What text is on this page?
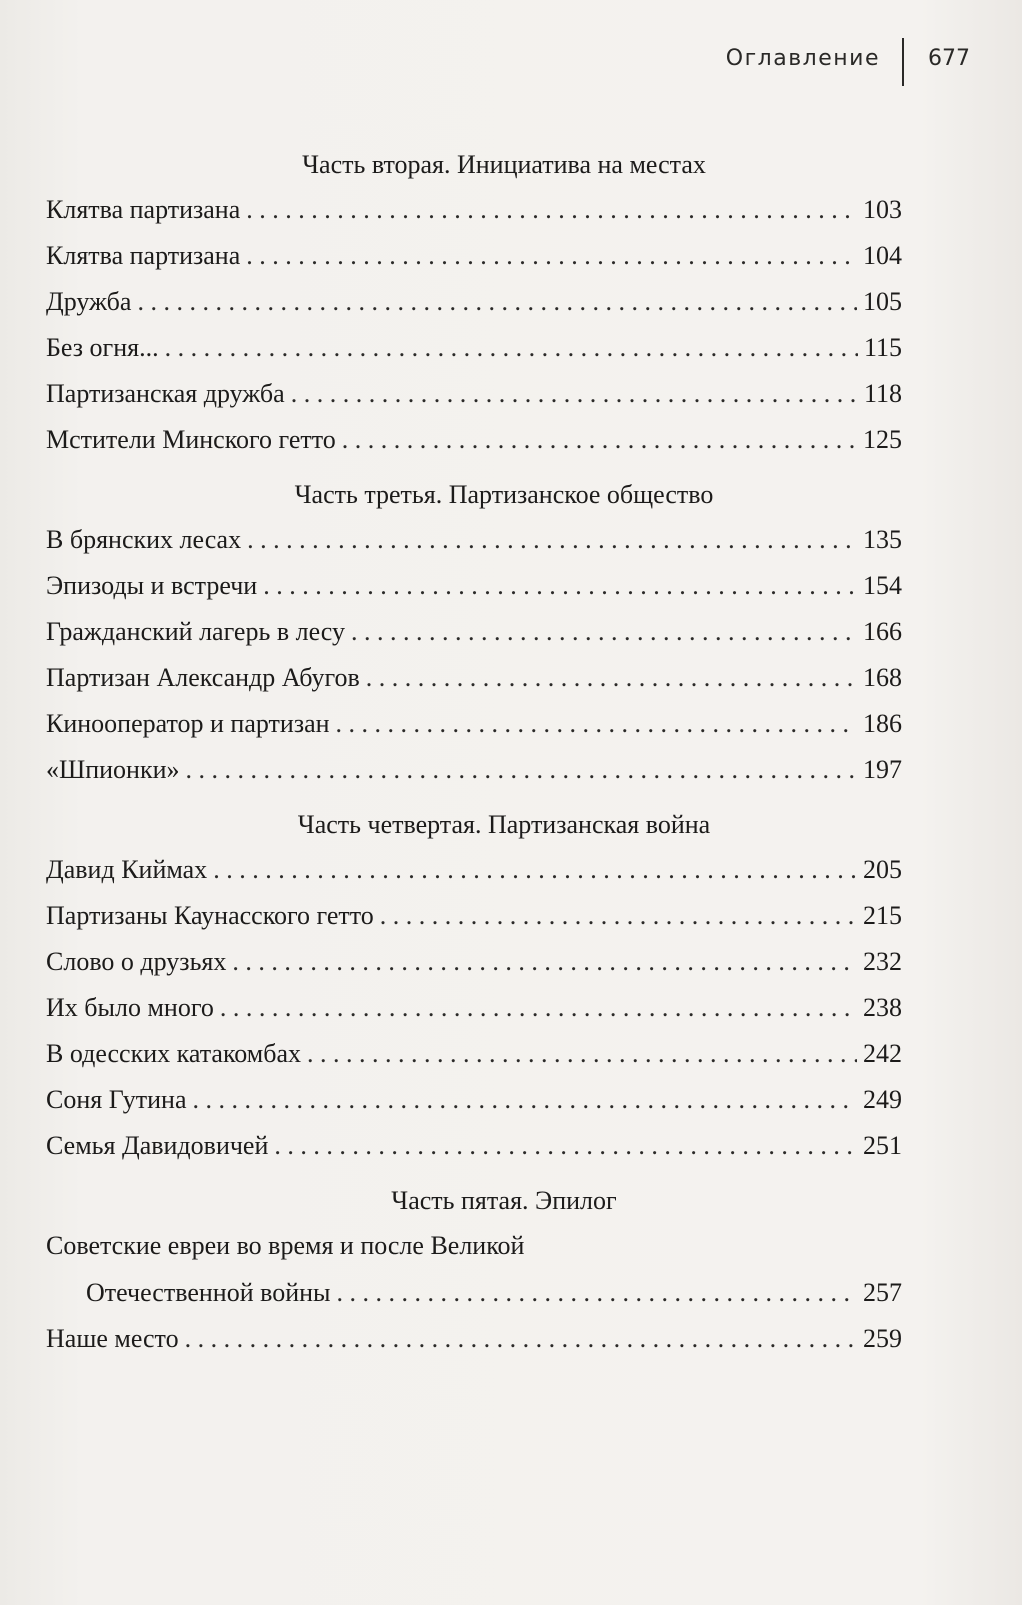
Оглавление 677
Часть вторая. Инициатива на местах
Клятва партизана . . .	103
Клятва партизана . . .	104
Дружба . . .	105
Без огня... . . .	115
Партизанская дружба . . .	118
Мстители Минского гетто . . .	125
Часть третья. Партизанское общество
В брянских лесах . . .	135
Эпизоды и встречи . . .	154
Гражданский лагерь в лесу . . .	166
Партизан Александр Абугов . . .	168
Кинооператор и партизан . . .	186
«Шпионки» . . .	197
Часть четвертая. Партизанская война
Давид Киймах . . .	205
Партизаны Каунасского гетто . . .	215
Слово о друзьях . . .	232
Их было много . . .	238
В одесских катакомбах . . .	242
Соня Гутина . . .	249
Семья Давидовичей . . .	251
Часть пятая. Эпилог
Советские евреи во время и после Великой
Отечественной войны . . .	257
Наше место . . .	259
